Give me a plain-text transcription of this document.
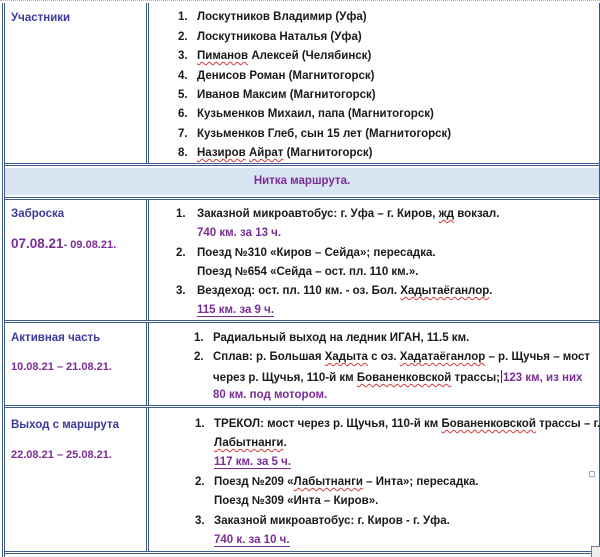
Участники	1. Лоскутников Владимир (Уфа)
2. Лоскутникова Наталья (Уфа)
3. Пиманов Алексей (Челябинск)
4. Денисов Роман (Магнитогорск)
5. Иванов Максим (Магнитогорск)
6. Кузьменков Михаил, папа (Магнитогорск)
7. Кузьменков Глеб, сын 15 лет (Магнитогорск)
8. Назиров Айрат (Магнитогорск)
Нитка маршрута.
Заброска
07.08.21- 09.08.21.
1. Заказной микроавтобус: г. Уфа – г. Киров, жд вокзал.
740 км. за 13 ч.
2. Поезд №310 «Киров – Сейда»; пересадка.
Поезд №654 «Сейда – ост. пл. 110 км.».
3. Вездеход: ост. пл. 110 км. - оз. Бол. Хадытаёганлор.
115 км. за 9 ч.
Активная часть
10.08.21 – 21.08.21.
1. Радиальный выход на ледник ИГАН, 11.5 км.
2. Сплав: р. Большая Хадыта с оз. Хадатаёганлор – р. Щучья – мост
через р. Щучья, 110-й км Бованенковской трассы; 123 км, из них
80 км. под мотором.
Выход с маршрута
22.08.21 – 25.08.21.
1. ТРЕКОЛ: мост через р. Щучья, 110-й км Бованенковской трассы – г.
Лабытнанги.
117 км. за 5 ч.
2. Поезд №209 «Лабытнанги – Инта»; пересадка.
Поезд №309 «Инта – Киров».
3. Заказной микроавтобус: г. Киров - г. Уфа.
740 к. за 10 ч.
